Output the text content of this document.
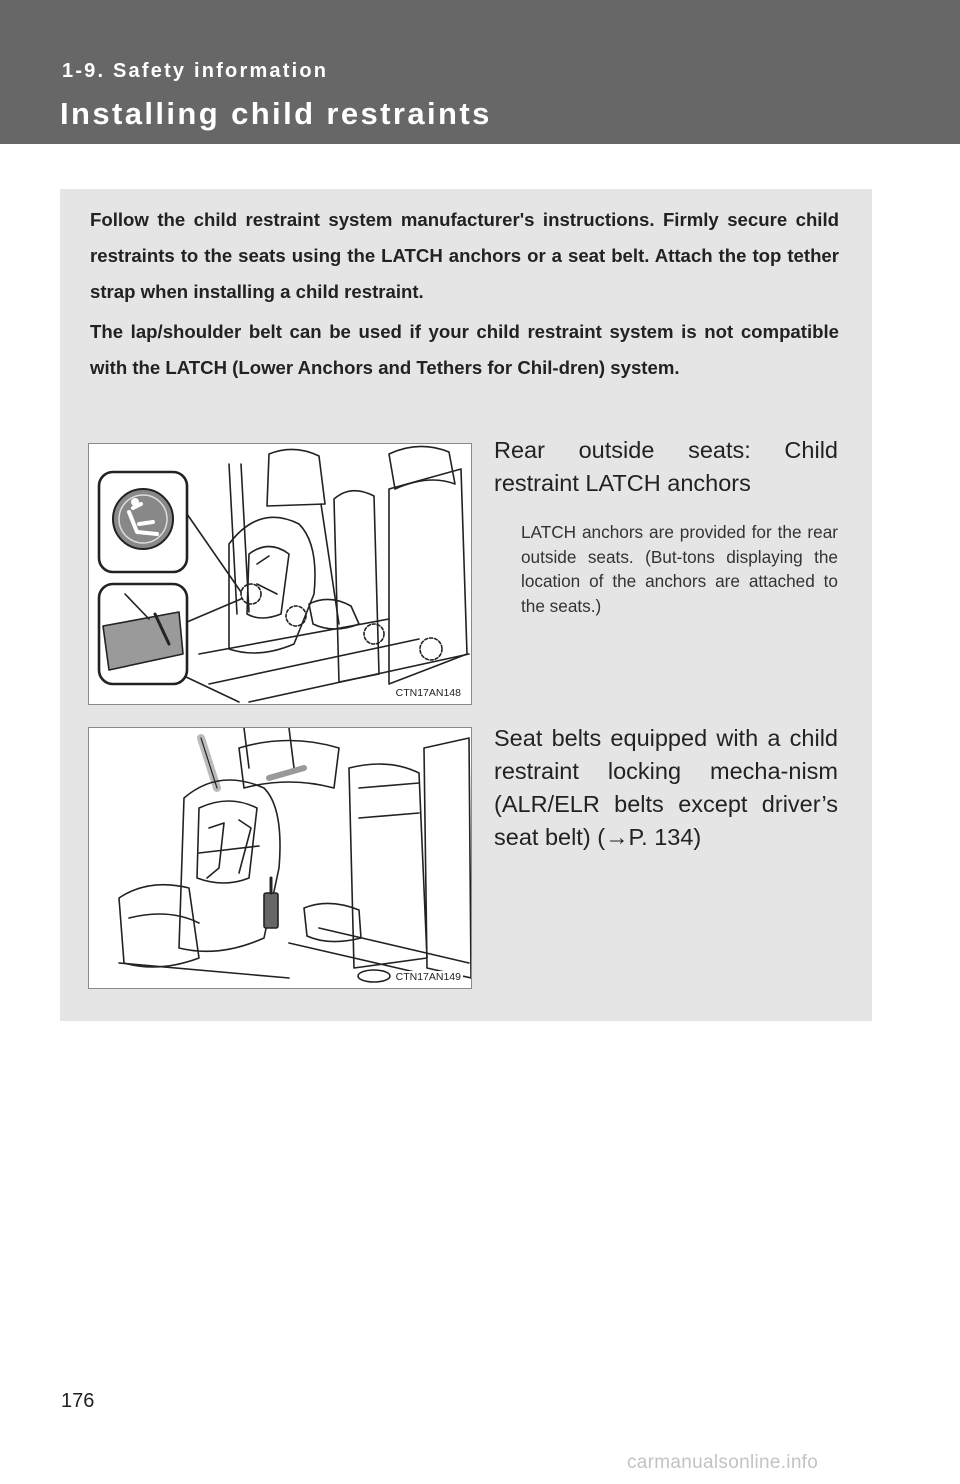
1-9. Safety information
Installing child restraints
Follow the child restraint system manufacturer's instructions. Firmly secure child restraints to the seats using the LATCH anchors or a seat belt. Attach the top tether strap when installing a child restraint.
The lap/shoulder belt can be used if your child restraint system is not compatible with the LATCH (Lower Anchors and Tethers for Chil-dren) system.
CTN17AN148
CTN17AN149
Rear outside seats: Child restraint LATCH anchors
LATCH anchors are provided for the rear outside seats. (But-tons displaying the location of the anchors are attached to the seats.)
Seat belts equipped with a child restraint locking mecha-nism (ALR/ELR belts except driver’s seat belt) (→P. 134)
176
carmanualsonline.info
